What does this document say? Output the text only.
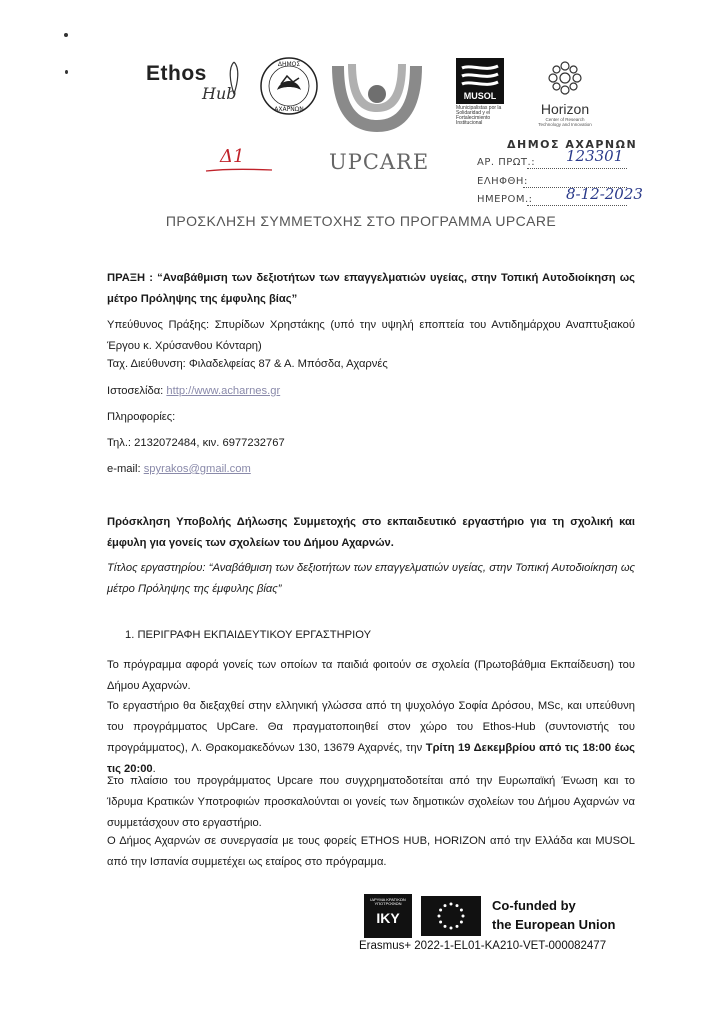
Ethos
Hub
ΔΗΜΟΣ
ΑΧΑΡΝΩΝ
UPCARE
MUSOL
Municipalistas por la Solidaridad y el Fortalecimiento Institucional
Horizon
Center of Research Technology and Innovation
Δ1
ΔΗΜΟΣ ΑΧΑΡΝΩΝ
ΑΡ. ΠΡΩΤ.: 123301
ΕΛΗΦΘΗ:
ΗΜΕΡΟΜ.: 8-12-2023
ΠΡΟΣΚΛΗΣΗ ΣΥΜΜΕΤΟΧΗΣ ΣΤΟ ΠΡΟΓΡΑΜΜΑ UPCARE

ΠΡΑΞΗ : “Αναβάθμιση των δεξιοτήτων των επαγγελματιών υγείας, στην Τοπική Αυτοδιοίκηση ως μέτρο Πρόληψης της έμφυλης βίας”

Υπεύθυνος Πράξης: Σπυρίδων Χρηστάκης (υπό την υψηλή εποπτεία του Αντιδημάρχου Αναπτυξιακού Έργου κ. Χρύσανθου Κόνταρη)

Ταχ. Διεύθυνση: Φιλαδελφείας 87 & Α. Μπόσδα, Αχαρνές

Ιστοσελίδα: http://www.acharnes.gr

Πληροφορίες:

Τηλ.: 2132072484, κιν. 6977232767

e-mail: spyrakos@gmail.com

Πρόσκληση Υποβολής Δήλωσης Συμμετοχής στο εκπαιδευτικό εργαστήριο για τη σχολική και έμφυλη για γονείς των σχολείων του Δήμου Αχαρνών.

Τίτλος εργαστηρίου: “Αναβάθμιση των δεξιοτήτων των επαγγελματιών υγείας, στην Τοπική Αυτοδιοίκηση ως μέτρο Πρόληψης της έμφυλης βίας”

1. ΠΕΡΙΓΡΑΦΗ ΕΚΠΑΙΔΕΥΤΙΚΟΥ ΕΡΓΑΣΤΗΡΙΟΥ

Το πρόγραμμα αφορά γονείς των οποίων τα παιδιά φοιτούν σε σχολεία (Πρωτοβάθμια Εκπαίδευση) του Δήμου Αχαρνών.

Το εργαστήριο θα διεξαχθεί στην ελληνική γλώσσα από τη ψυχολόγο Σοφία Δρόσου, MSc, και υπεύθυνη του προγράμματος UpCare. Θα πραγματοποιηθεί στον χώρο του Ethos-Hub (συντονιστής του προγράμματος), Λ. Θρακομακεδόνων 130, 13679 Αχαρνές, την Τρίτη 19 Δεκεμβρίου από τις 18:00 έως τις 20:00.

Στο πλαίσιο του προγράμματος Upcare που συγχρηματοδοτείται από την Ευρωπαϊκή Ένωση και το Ίδρυμα Κρατικών Υποτροφιών προσκαλούνται οι γονείς των δημοτικών σχολείων του Δήμου Αχαρνών να συμμετάσχουν στο εργαστήριο.

Ο Δήμος Αχαρνών σε συνεργασία με τους φορείς ETHOS HUB, HORIZON από την Ελλάδα και MUSOL από την Ισπανία συμμετέχει ως εταίρος στο πρόγραμμα.

ΙΔΡΥΜΑ ΚΡΑΤΙΚΩΝ ΥΠΟΤΡΟΦΙΩΝ
IKY
Co-funded by
the European Union
Erasmus+ 2022-1-EL01-KA210-VET-000082477
